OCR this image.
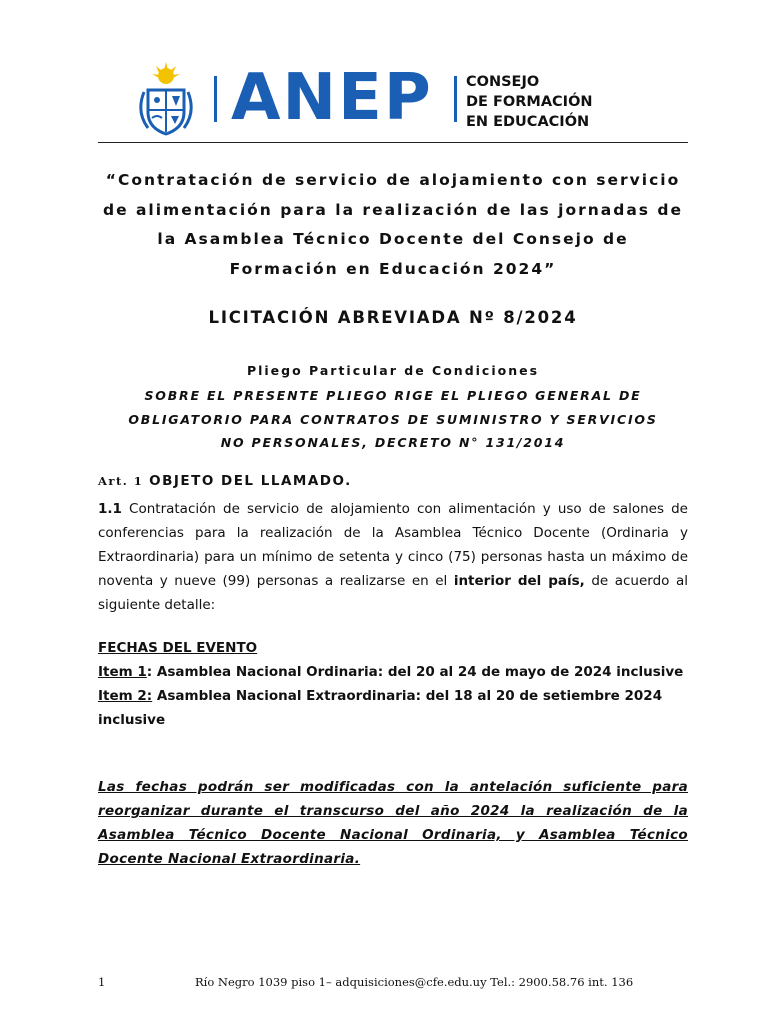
ANEP CONSEJO
DE FORMACIÓN
EN EDUCACIÓN
“Contratación de servicio de alojamiento con servicio
de alimentación para la realización de las jornadas de
la Asamblea Técnico Docente del Consejo de
Formación en Educación 2024”
LICITACIÓN ABREVIADA Nº 8/2024
Pliego Particular de Condiciones
SOBRE EL PRESENTE PLIEGO RIGE EL PLIEGO GENERAL DE
OBLIGATORIO PARA CONTRATOS DE SUMINISTRO Y SERVICIOS
NO PERSONALES, DECRETO N° 131/2014
Art. 1 OBJETO DEL LLAMADO.
1.1 Contratación de servicio de alojamiento con alimentación y uso de salones de conferencias para la realización de la Asamblea Técnico Docente (Ordinaria y Extraordinaria) para un mínimo de setenta y cinco (75) personas hasta un máximo de noventa y nueve (99) personas a realizarse en el interior del país, de acuerdo al siguiente detalle:
FECHAS DEL EVENTO
Item 1: Asamblea Nacional Ordinaria: del 20 al 24 de mayo de 2024 inclusive
Item 2: Asamblea Nacional Extraordinaria: del 18 al 20 de setiembre 2024 inclusive
Las fechas podrán ser modificadas con la antelación suficiente para reorganizar durante el transcurso del año 2024 la realización de la Asamblea Técnico Docente Nacional Ordinaria, y Asamblea Técnico Docente Nacional Extraordinaria.
1	Río Negro 1039 piso 1– adquisiciones@cfe.edu.uy Tel.: 2900.58.76 int. 136
